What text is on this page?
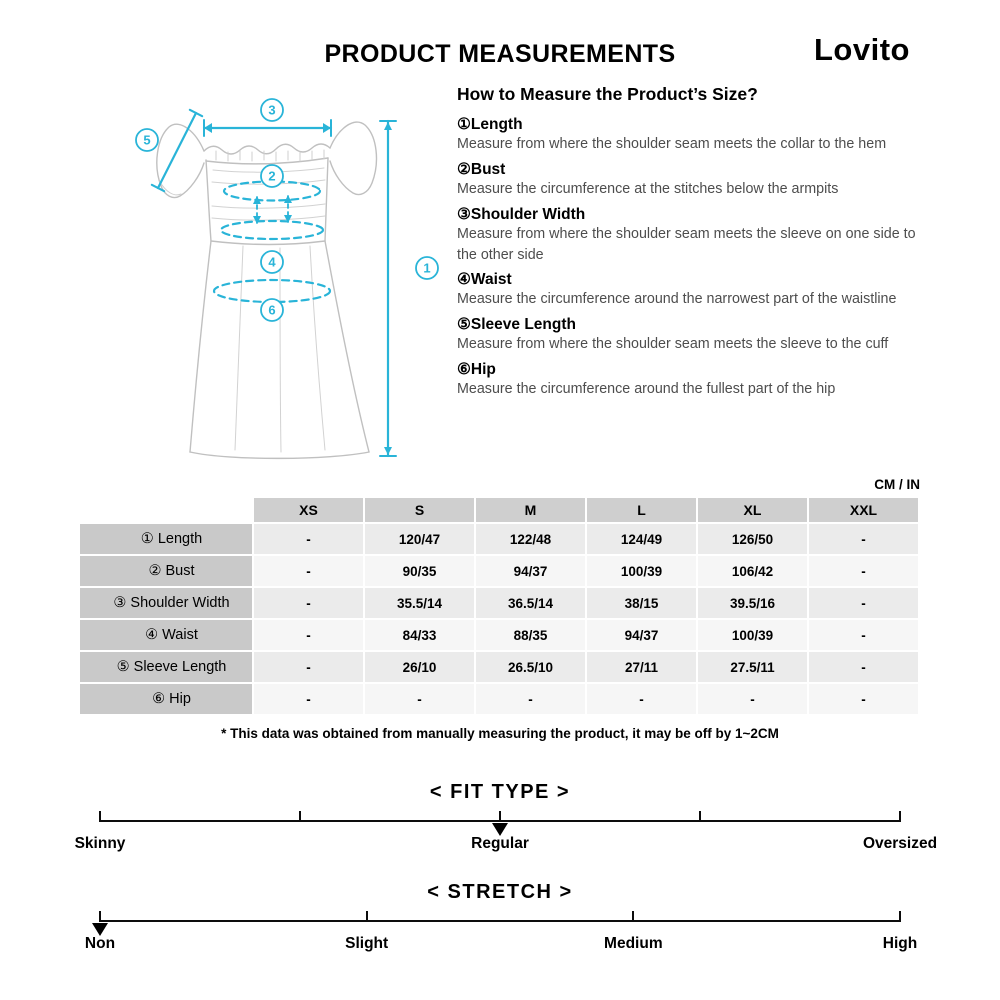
PRODUCT MEASUREMENTS	Lovito
1
2
3
4
5
6
How to Measure the Product’s Size?
①Length
Measure from where the shoulder seam meets the collar to the hem
②Bust
Measure the circumference at the stitches below the armpits
③Shoulder Width
Measure from where the shoulder seam meets the sleeve on one side to the other side
④Waist
Measure the circumference around the narrowest part of the waistline
⑤Sleeve Length
Measure from where the shoulder seam meets the sleeve to the cuff
⑥Hip
Measure the circumference around the fullest part of the hip
CM / IN
	XS	S	M	L	XL	XXL
① Length	-	120/47	122/48	124/49	126/50	-
② Bust	-	90/35	94/37	100/39	106/42	-
③ Shoulder Width	-	35.5/14	36.5/14	38/15	39.5/16	-
④ Waist	-	84/33	88/35	94/37	100/39	-
⑤ Sleeve Length	-	26/10	26.5/10	27/11	27.5/11	-
⑥ Hip	-	-	-	-	-	-
* This data was obtained from manually measuring the product, it may be off by 1~2CM
< FIT TYPE >
Skinny	Regular	Oversized
< STRETCH >
Non	Slight	Medium	High
